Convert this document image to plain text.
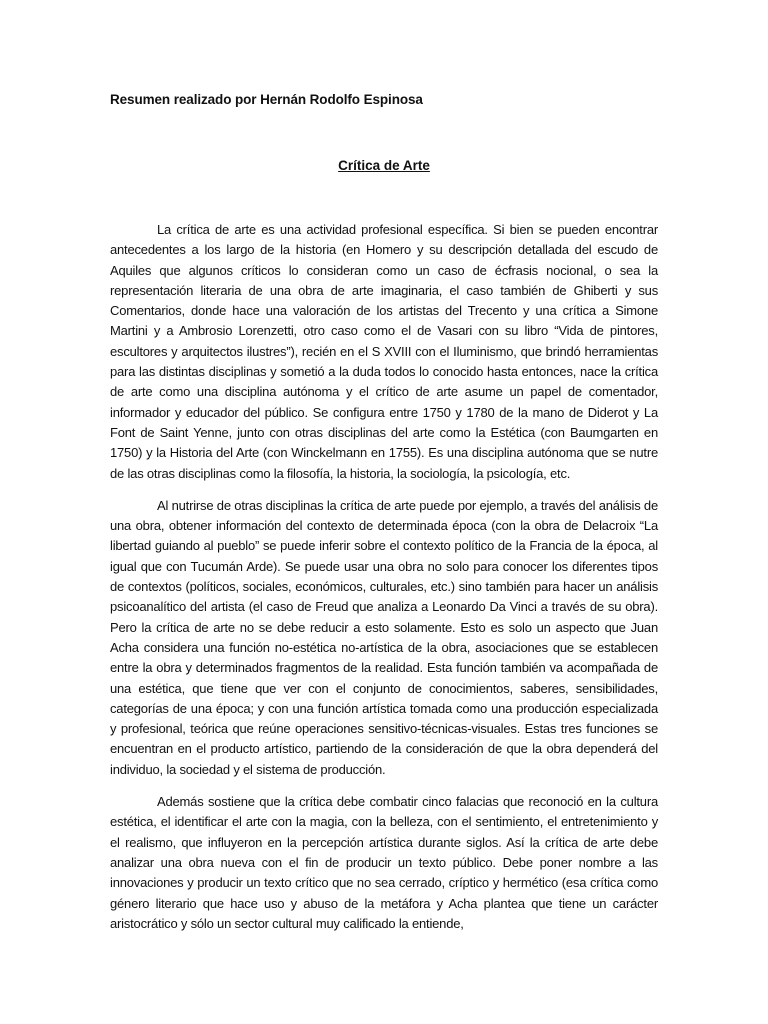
Resumen realizado por Hernán Rodolfo Espinosa
Crítica de Arte

La crítica de arte es una actividad profesional específica. Si bien se pueden encontrar antecedentes a los largo de la historia (en Homero y su descripción detallada del escudo de Aquiles que algunos críticos lo consideran como un caso de écfrasis nocional, o sea la representación literaria de una obra de arte imaginaria, el caso también de Ghiberti y sus Comentarios, donde hace una valoración de los artistas del Trecento y una crítica a Simone Martini y a Ambrosio Lorenzetti, otro caso como el de Vasari con su libro “Vida de pintores, escultores y arquitectos ilustres”), recién en el S XVIII con el Iluminismo, que brindó herramientas para las distintas disciplinas y sometió a la duda todos lo conocido hasta entonces, nace la crítica de arte como una disciplina autónoma y el crítico de arte asume un papel de comentador, informador y educador del público. Se configura entre 1750 y 1780 de la mano de Diderot y La Font de Saint Yenne, junto con otras disciplinas del arte como la Estética (con Baumgarten en 1750) y la Historia del Arte (con Winckelmann en 1755). Es una disciplina autónoma que se nutre de las otras disciplinas como la filosofía, la historia, la sociología, la psicología, etc.

Al nutrirse de otras disciplinas la crítica de arte puede por ejemplo, a través del análisis de una obra, obtener información del contexto de determinada época (con la obra de Delacroix “La libertad guiando al pueblo” se puede inferir sobre el contexto político de la Francia de la época, al igual que con Tucumán Arde). Se puede usar una obra no solo para conocer los diferentes tipos de contextos (políticos, sociales, económicos, culturales, etc.) sino también para hacer un análisis psicoanalítico del artista (el caso de Freud que analiza a Leonardo Da Vinci a través de su obra). Pero la crítica de arte no se debe reducir a esto solamente. Esto es solo un aspecto que Juan Acha considera una función no-estética no-artística de la obra, asociaciones que se establecen entre la obra y determinados fragmentos de la realidad. Esta función también va acompañada de una estética, que tiene que ver con el conjunto de conocimientos, saberes, sensibilidades, categorías de una época; y con una función artística tomada como una producción especializada y profesional, teórica que reúne operaciones sensitivo-técnicas-visuales. Estas tres funciones se encuentran en el producto artístico, partiendo de la consideración de que la obra dependerá del individuo, la sociedad y el sistema de producción.

Además sostiene que la crítica debe combatir cinco falacias que reconoció en la cultura estética, el identificar el arte con la magia, con la belleza, con el sentimiento, el entretenimiento y el realismo, que influyeron en la percepción artística durante siglos. Así la crítica de arte debe analizar una obra nueva con el fin de producir un texto público. Debe poner nombre a las innovaciones y producir un texto crítico que no sea cerrado, críptico y hermético (esa crítica como género literario que hace uso y abuso de la metáfora y Acha plantea que tiene un carácter aristocrático y sólo un sector cultural muy calificado la entiende,
